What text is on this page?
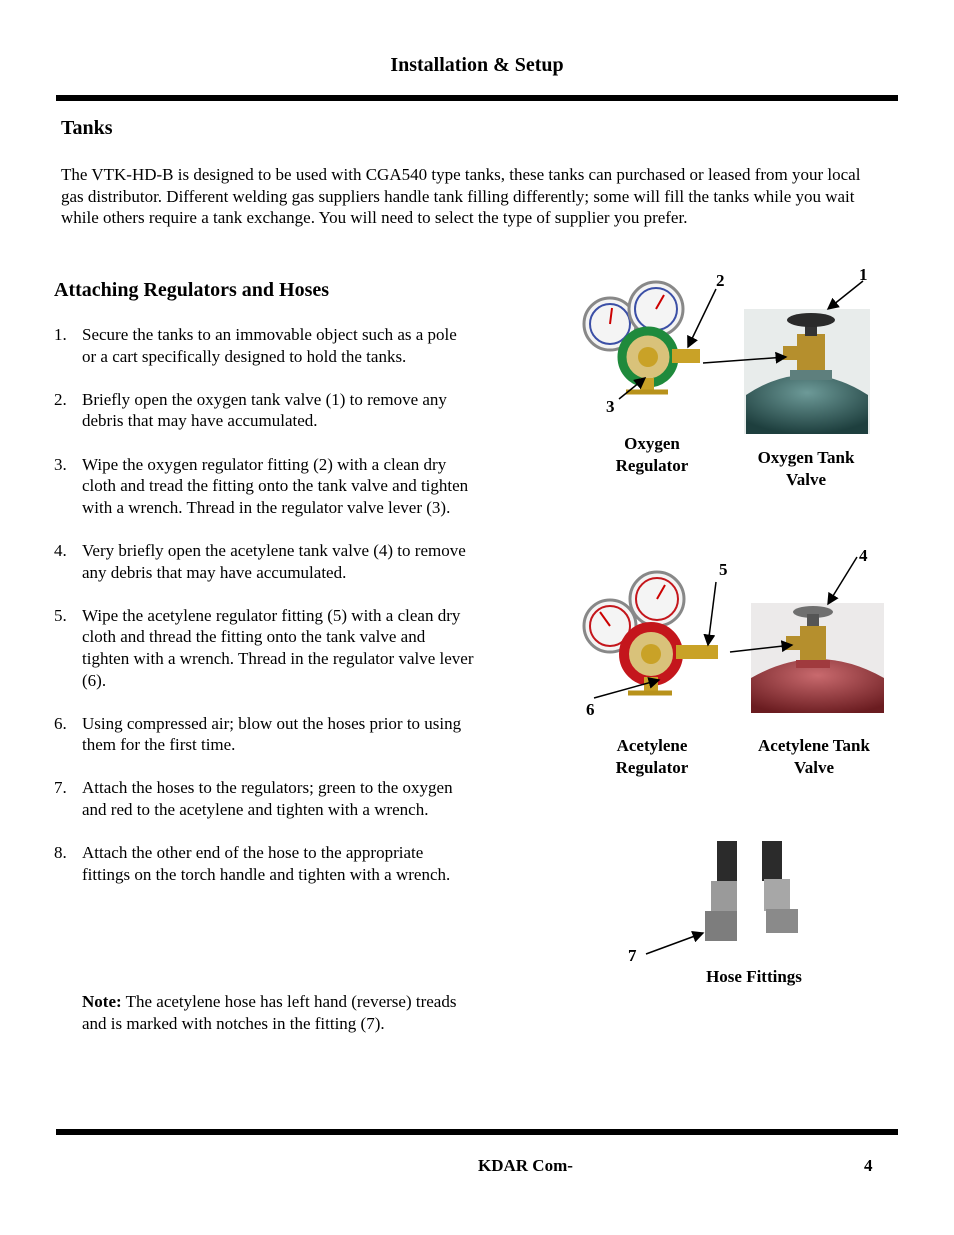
Installation & Setup
Tanks
The VTK-HD-B is designed to be used with CGA540 type tanks, these tanks can purchased or leased from your local gas distributor. Different welding gas suppliers handle tank filling differently; some will fill the tanks while you wait while others require a tank exchange. You will need to select the type of supplier you prefer.
Attaching Regulators and Hoses
1. Secure the tanks to an immovable object such as a pole or a cart specifically designed to hold the tanks.
2. Briefly open the oxygen tank valve (1) to remove any debris that may have accumulated.
3. Wipe the oxygen regulator fitting (2) with a clean dry cloth and tread the fitting onto the tank valve and tighten with a wrench. Thread in the regulator valve lever (3).
4. Very briefly open the acetylene tank valve (4) to remove any debris that may have accumulated.
5. Wipe the acetylene regulator fitting (5) with a clean dry cloth and thread the fitting onto the tank valve and tighten with a wrench. Thread in the regulator valve lever (6).
6. Using compressed air; blow out the hoses prior to using them for the first time.
7. Attach the hoses to the regulators; green to the oxygen and red to the acetylene and tighten with a wrench.
8. Attach the other end of the hose to the appropriate fittings on the torch handle and tighten with a wrench.
Note: The acetylene hose has left hand (reverse) treads and is marked with notches in the fitting (7).
1
2
3
4
5
6
7
Oxygen Regulator	Oxygen Tank Valve
Acetylene Regulator
Acetylene Tank Valve
Hose Fittings
KDAR Com-	4
